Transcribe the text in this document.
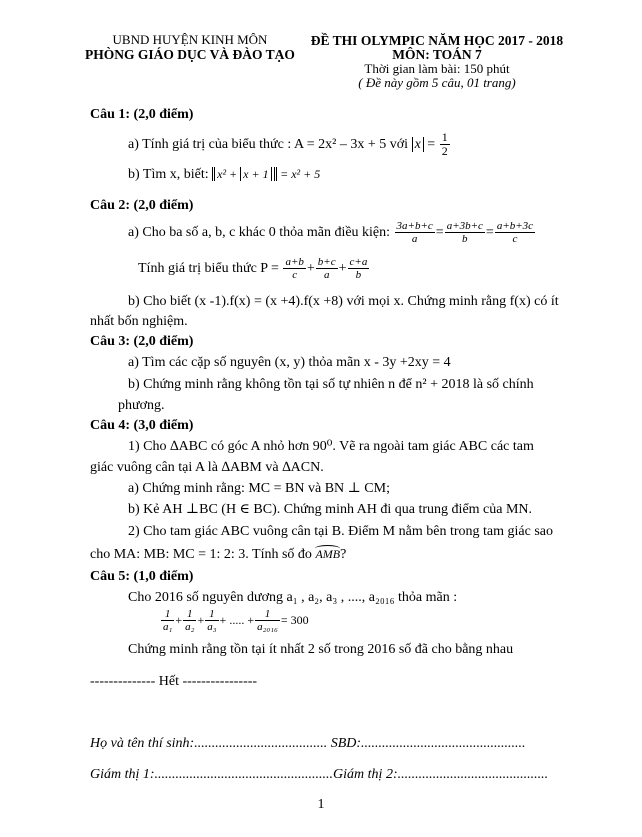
UBND HUYỆN KINH MÔN
PHÒNG GIÁO DỤC VÀ ĐÀO TẠO
ĐỀ THI OLYMPIC NĂM HỌC 2017 - 2018
MÔN: TOÁN 7
Thời gian làm bài: 150 phút
( Đề này gồm 5 câu, 01 trang)
Câu 1: (2,0 điểm)
a) Tính giá trị của biểu thức : A = 2x² – 3x + 5 với $x = \frac{1}{2}$
b) Tìm x, biết: x² + x + 1 = x² + 5
Câu 2: (2,0 điểm)
a) Cho ba số a, b, c khác 0 thỏa mãn điều kiện: $\frac{3a+b+c}{a} = \frac{a+3b+c}{b} = \frac{a+b+3c}{c}$
Tính giá trị biểu thức $P = \frac{a+b}{c} + \frac{b+c}{a} + \frac{c+a}{b}$
b) Cho biết (x -1).f(x) = (x +4).f(x +8) với mọi x. Chứng minh rằng f(x) có ít
nhất bốn nghiệm.
Câu 3: (2,0 điểm)
a) Tìm các cặp số nguyên (x, y) thỏa mãn x - 3y +2xy = 4
b) Chứng minh rằng không tồn tại số tự nhiên n để n² + 2018 là số chính
phương.
Câu 4: (3,0 điểm)
1) Cho ∆ABC có góc A nhỏ hơn 90⁰. Vẽ ra ngoài tam giác ABC các tam
giác vuông cân tại A là ∆ABM và ∆ACN.
a) Chứng minh rằng: MC = BN và BN ⊥ CM;
b) Kẻ AH ⊥BC (H ∈ BC). Chứng minh AH đi qua trung điểm của MN.
2) Cho tam giác ABC vuông cân tại B. Điểm M nằm bên trong tam giác sao
cho MA: MB: MC = 1: 2: 3. Tính số đo AMB?
Câu 5: (1,0 điểm)
Cho 2016 số nguyên dương a₁ , a₂, a₃ , ...., a₂₀₁₆ thỏa mãn :
$\frac{1}{\text{a₁}} + \frac{1}{\text{a₂}} + \frac{1}{\text{a₃}}$ + ..... + $\frac{1}{\text{a₂₀₁₆}} = 300$
Chứng minh rằng tồn tại ít nhất 2 số trong 2016 số đã cho bằng nhau
-------------- Hết ----------------
Họ và tên thí sinh:...................................... SBD:...............................................
Giám thị 1:...................................................Giám thị 2:...........................................
1
